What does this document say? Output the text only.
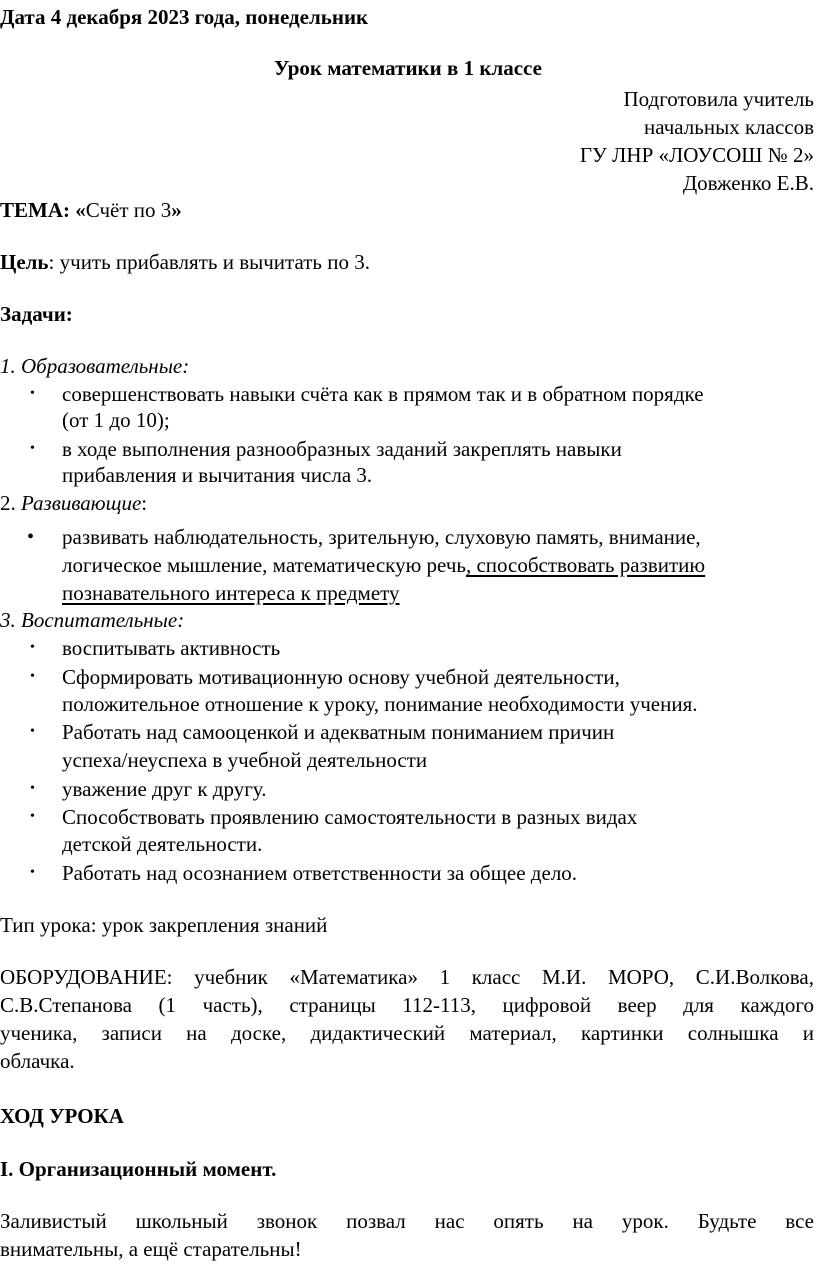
Дата 4 декабря 2023 года, понедельник
Урок математики в 1 классе
Подготовила учитель
начальных классов
ГУ ЛНР «ЛОУСОШ № 2»
Довженко Е.В.
ТЕМА: «Счёт по 3»
Цель: учить прибавлять и вычитать по 3.
Задачи:
1. Образовательные:
• совершенствовать навыки счёта как в прямом так и в обратном порядке
(от 1 до 10);
• в ходе выполнения разнообразных заданий закреплять навыки
прибавления и вычитания числа 3.
2. Развивающие:
• развивать наблюдательность, зрительную, слуховую память, внимание,
логическое мышление, математическую речь, способствовать развитию
познавательного интереса к предмету
3. Воспитательные:
• воспитывать активность
• Сформировать мотивационную основу учебной деятельности,
положительное отношение к уроку, понимание необходимости учения.
• Работать над самооценкой и адекватным пониманием причин
успеха/неуспеха в учебной деятельности
• уважение друг к другу.
• Способствовать проявлению самостоятельности в разных видах
детской деятельности.
• Работать над осознанием ответственности за общее дело.
Тип урока: урок закрепления знаний
ОБОРУДОВАНИЕ: учебник «Математика» 1 класс М.И. МОРО, С.И.Волкова,
С.В.Степанова (1 часть), страницы 112-113, цифровой веер для каждого
ученика, записи на доске, дидактический материал, картинки солнышка и
облачка.
ХОД УРОКА
I. Организационный момент.
Заливистый школьный звонок позвал нас опять на урок. Будьте все
внимательны, а ещё старательны!
